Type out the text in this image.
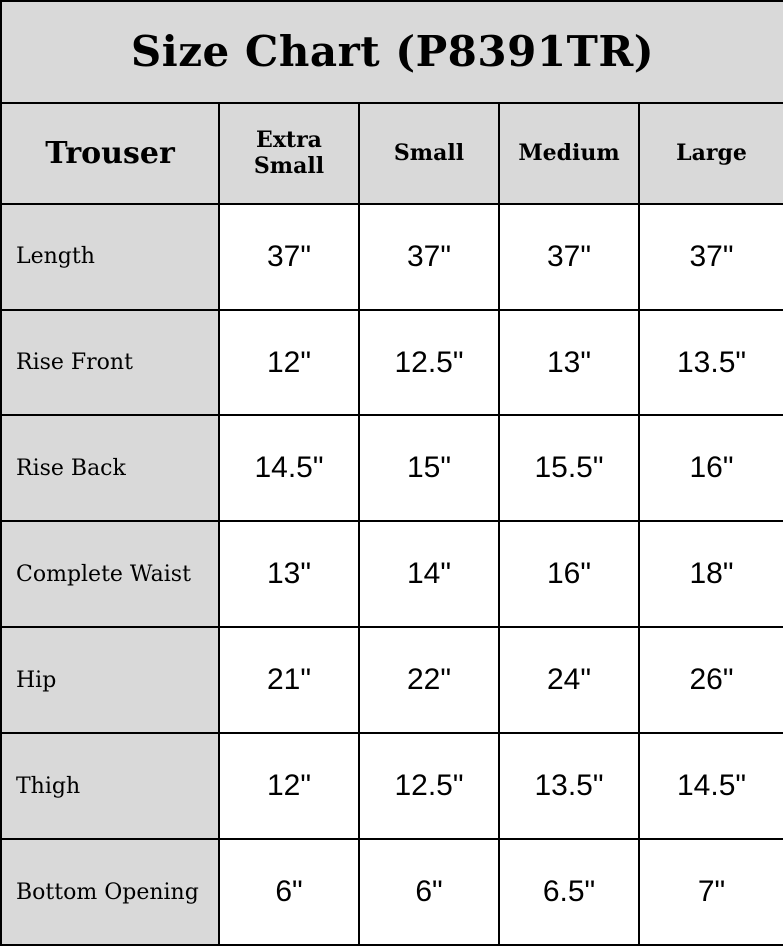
Size Chart (P8391TR)				
Trouser	Extra Small	Small	Medium	Large
Length	37"	37"	37"	37"
Rise Front	12"	12.5"	13"	13.5"
Rise Back	14.5"	15"	15.5"	16"
Complete Waist	13"	14"	16"	18"
Hip	21"	22"	24"	26"
Thigh	12"	12.5"	13.5"	14.5"
Bottom Opening	6"	6"	6.5"	7"
